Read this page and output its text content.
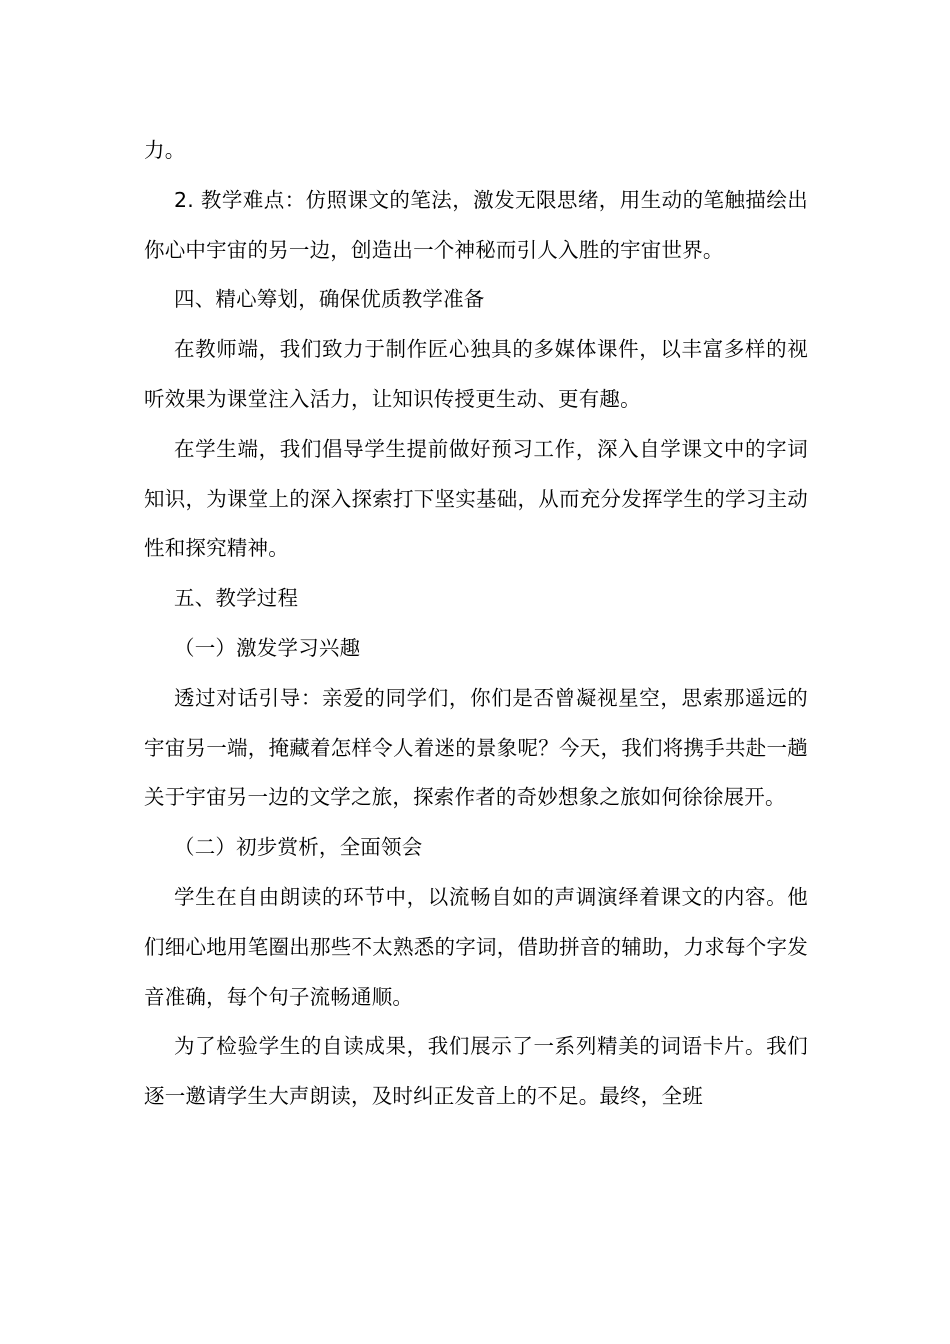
力。

2. 教学难点：仿照课文的笔法，激发无限思绪，用生动的笔触描绘出你心中宇宙的另一边，创造出一个神秘而引人入胜的宇宙世界。

四、精心筹划，确保优质教学准备

在教师端，我们致力于制作匠心独具的多媒体课件，以丰富多样的视听效果为课堂注入活力，让知识传授更生动、更有趣。

在学生端，我们倡导学生提前做好预习工作，深入自学课文中的字词知识，为课堂上的深入探索打下坚实基础，从而充分发挥学生的学习主动性和探究精神。

五、教学过程

（一）激发学习兴趣

透过对话引导：亲爱的同学们，你们是否曾凝视星空，思索那遥远的宇宙另一端，掩藏着怎样令人着迷的景象呢？今天，我们将携手共赴一趟关于宇宙另一边的文学之旅，探索作者的奇妙想象之旅如何徐徐展开。

（二）初步赏析，全面领会

学生在自由朗读的环节中，以流畅自如的声调演绎着课文的内容。他们细心地用笔圈出那些不太熟悉的字词，借助拼音的辅助，力求每个字发音准确，每个句子流畅通顺。

为了检验学生的自读成果，我们展示了一系列精美的词语卡片。我们逐一邀请学生大声朗读，及时纠正发音上的不足。最终，全班
